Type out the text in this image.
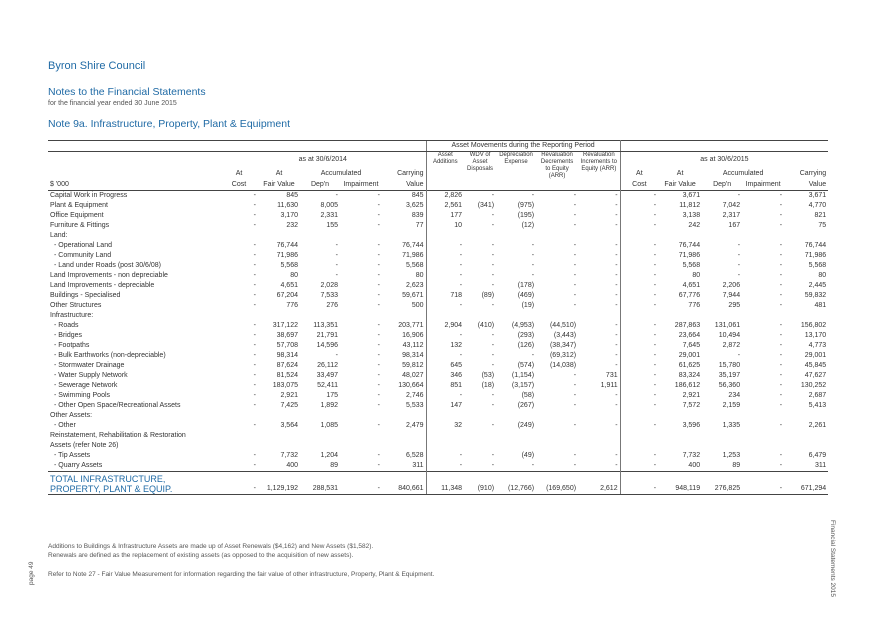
Byron Shire Council
Notes to the Financial Statements
for the financial year ended 30 June 2015
Note 9a. Infrastructure, Property, Plant & Equipment
						Asset Movements during the Reporting Period									
	as at 30/6/2014					Asset Additions	WDV of Asset Disposals	Depreciation Expense	Revaluation Decrements to Equity (ARR)	Revaluation Increments to Equity (ARR)	as at 30/6/2015				
	At	At	Accumulated		Carrying						At	At	Accumulated		Carrying
$ '000	Cost	Fair Value	Dep'n	Impairment	Value						Cost	Fair Value	Dep'n	Impairment	Value
Capital Work in Progress	-	845	-	-	845	2,826	-	-	-	-	-	3,671	-	-	3,671
Plant & Equipment	-	11,630	8,005	-	3,625	2,561	(341)	(975)	-	-	-	11,812	7,042	-	4,770
Office Equipment	-	3,170	2,331	-	839	177	-	(195)	-	-	-	3,138	2,317	-	821
Furniture & Fittings	-	232	155	-	77	10	-	(12)	-	-	-	242	167	-	75
Land:															
- Operational Land	-	76,744	-	-	76,744	-	-	-	-	-	-	76,744	-	-	76,744
- Community Land	-	71,986	-	-	71,986	-	-	-	-	-	-	71,986	-	-	71,986
- Land under Roads (post 30/6/08)	-	5,568	-	-	5,568	-	-	-	-	-	-	5,568	-	-	5,568
Land Improvements - non depreciable	-	80	-	-	80	-	-	-	-	-	-	80	-	-	80
Land Improvements - depreciable	-	4,651	2,028	-	2,623	-	-	(178)	-	-	-	4,651	2,206	-	2,445
Buildings - Specialised	-	67,204	7,533	-	59,671	718	(89)	(469)	-	-	-	67,776	7,944	-	59,832
Other Structures	-	776	276	-	500	-	-	(19)	-	-	-	776	295	-	481
Infrastructure:															
- Roads	-	317,122	113,351	-	203,771	2,904	(410)	(4,953)	(44,510)	-	-	287,863	131,061	-	156,802
- Bridges	-	38,697	21,791	-	16,906	-	-	(293)	(3,443)	-	-	23,664	10,494	-	13,170
- Footpaths	-	57,708	14,596	-	43,112	132	-	(126)	(38,347)	-	-	7,645	2,872	-	4,773
- Bulk Earthworks (non-depreciable)	-	98,314	-	-	98,314	-	-	-	(69,312)	-	-	29,001	-	-	29,001
- Stormwater Drainage	-	87,624	26,112	-	59,812	645	-	(574)	(14,038)	-	-	61,625	15,780	-	45,845
- Water Supply Network	-	81,524	33,497	-	48,027	346	(53)	(1,154)	-	731	-	83,324	35,197	-	47,627
- Sewerage Network	-	183,075	52,411	-	130,664	851	(18)	(3,157)	-	1,911	-	186,612	56,360	-	130,252
- Swimming Pools	-	2,921	175	-	2,746	-	-	(58)	-	-	-	2,921	234	-	2,687
- Other Open Space/Recreational Assets	-	7,425	1,892	-	5,533	147	-	(267)	-	-	-	7,572	2,159	-	5,413
Other Assets:															
- Other	-	3,564	1,085	-	2,479	32	-	(249)	-	-	-	3,596	1,335	-	2,261
Reinstatement, Rehabilitation & Restoration															
Assets (refer Note 26)															
- Tip Assets	-	7,732	1,204	-	6,528	-	-	(49)	-	-	-	7,732	1,253	-	6,479
- Quarry Assets	-	400	89	-	311	-	-	-	-	-	-	400	89	-	311
TOTAL INFRASTRUCTURE,
PROPERTY, PLANT & EQUIP.	-	1,129,192	288,531	-	840,661	11,348	(910)	(12,766)	(169,650)	2,612	-	948,119	276,825	-	671,294
Additions to Buildings & Infrastructure Assets are made up of Asset Renewals ($4,162) and New Assets ($1,582).
Renewals are defined as the replacement of existing assets (as opposed to the acquisition of new assets).
Refer to Note 27 - Fair Value Measurement for information regarding the fair value of other infrastructure, Property, Plant & Equipment.
page 49	Financial Statements 2015
